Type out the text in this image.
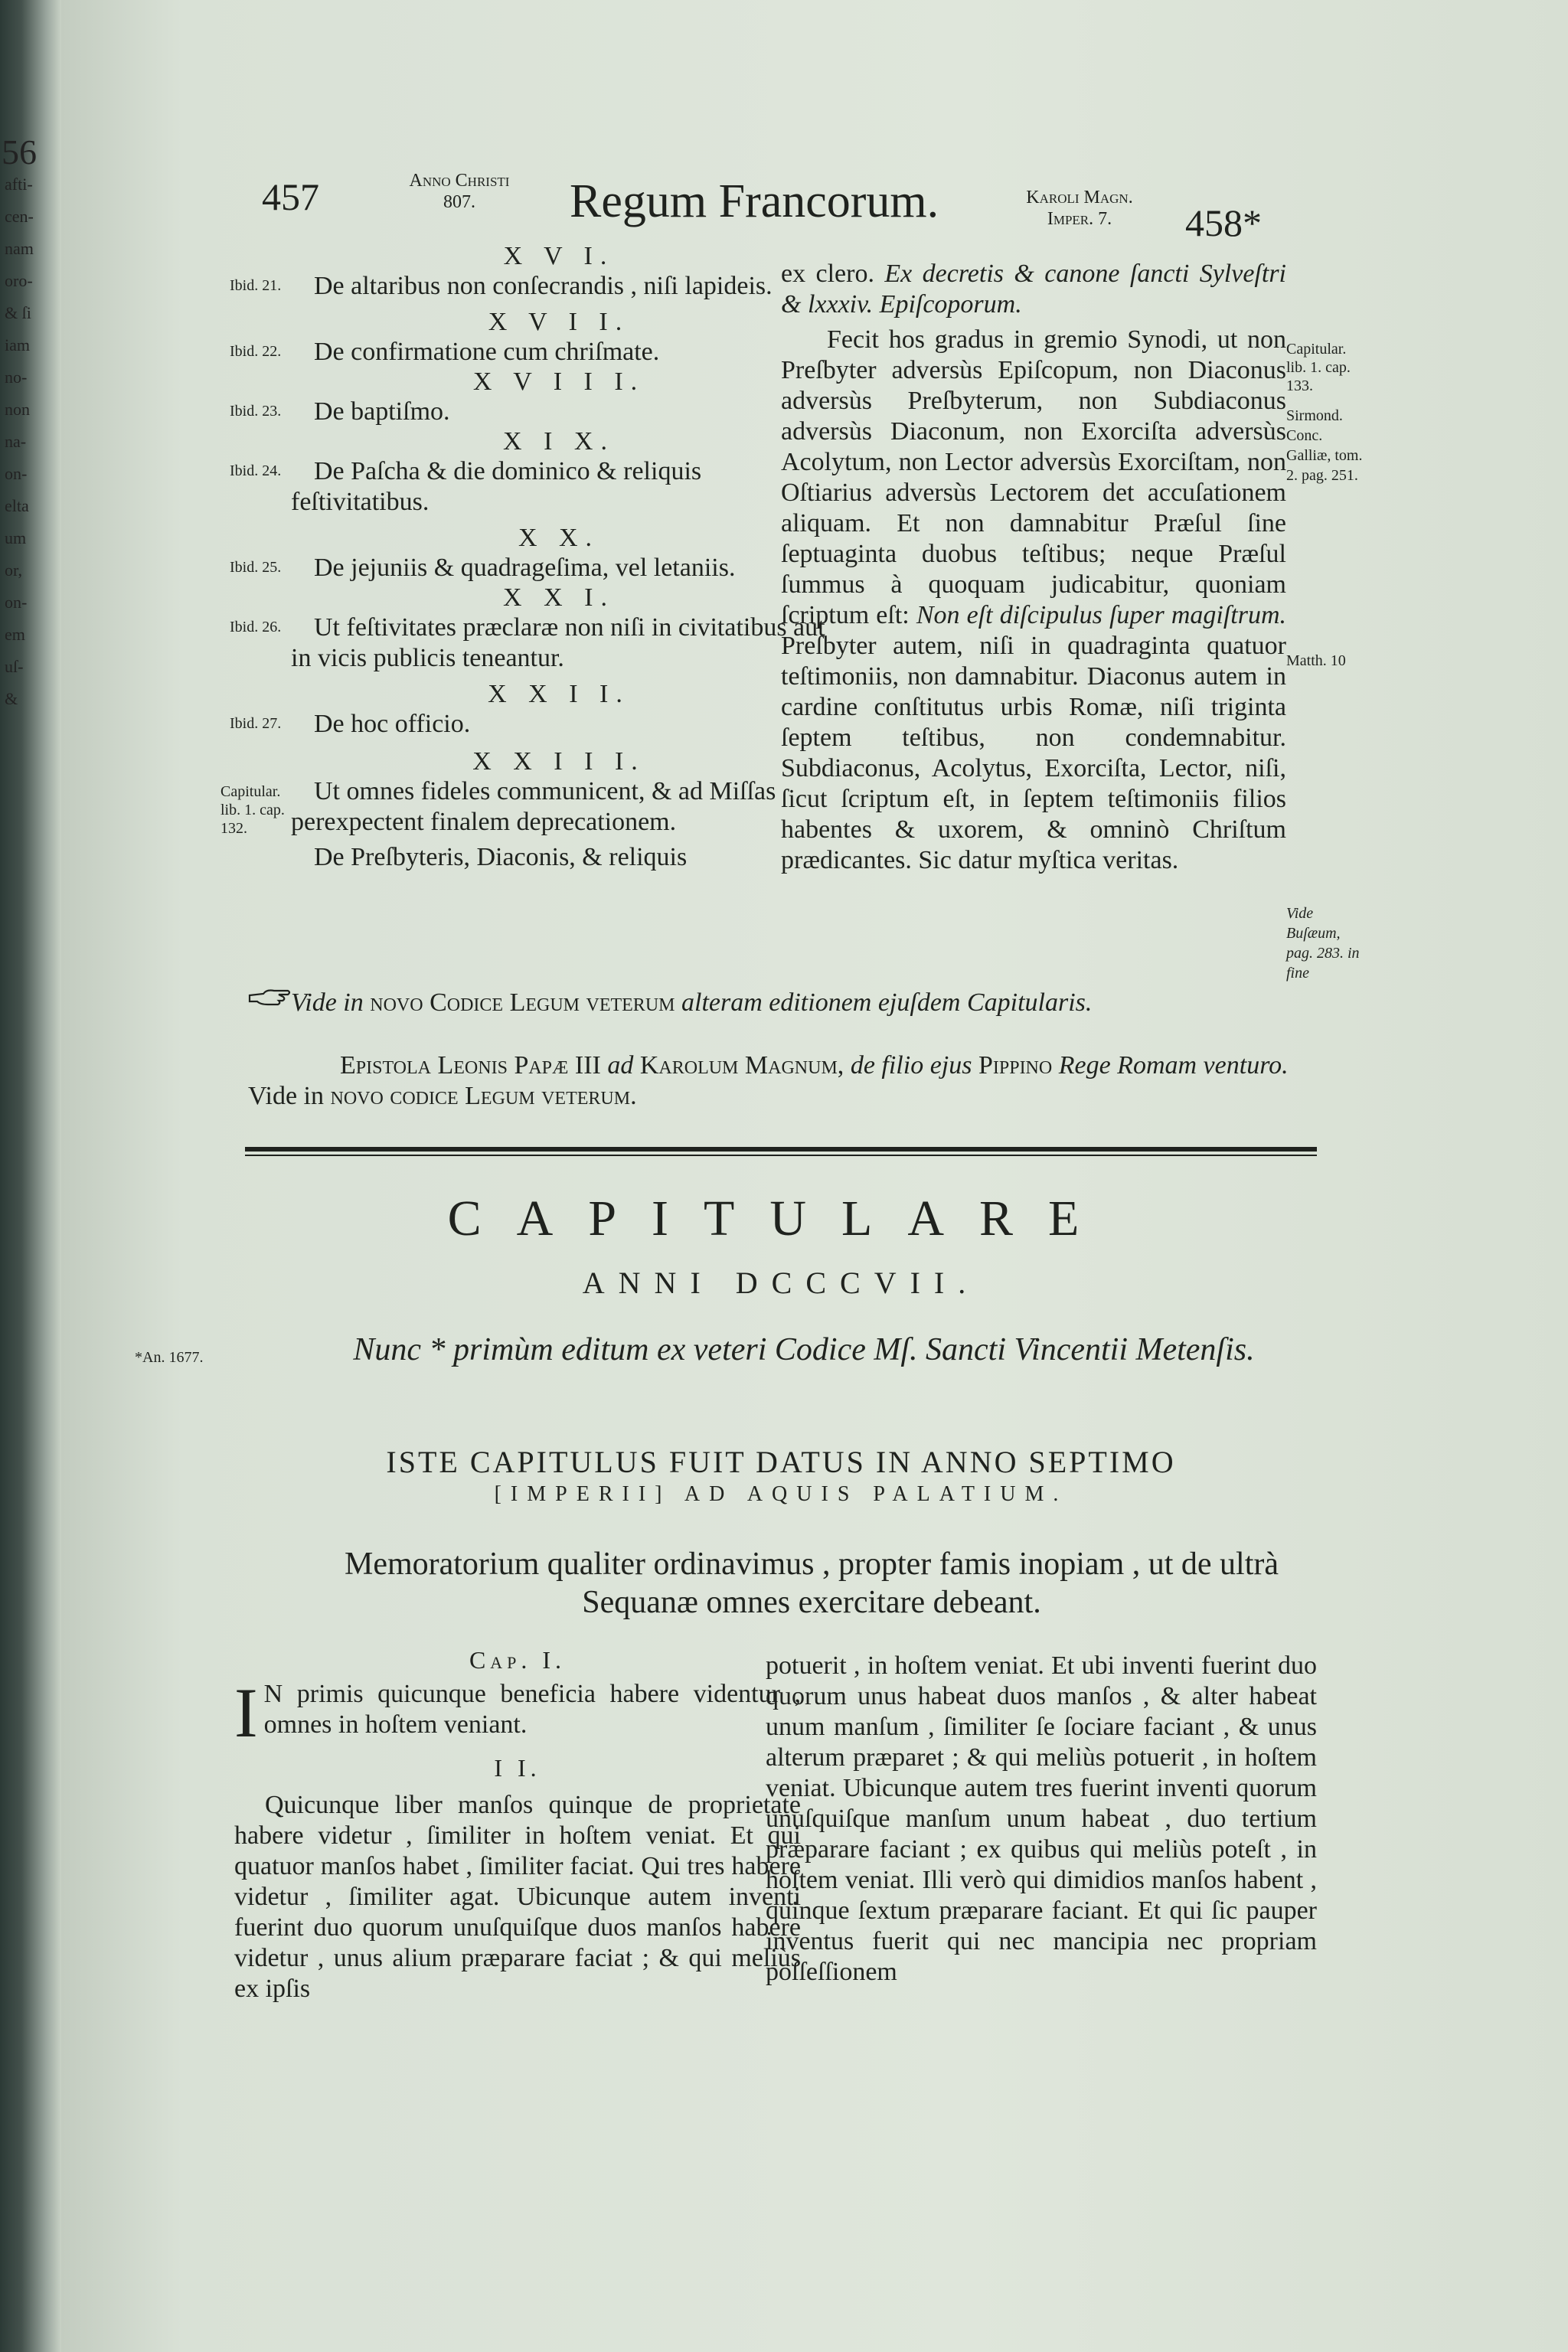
56
afti-
cen-
nam
oro-
& ſi
iam
no-
non
na-
on-
elta
um
or,
on-
em
uſ-
&
457	Anno Christi
807.	Regum Francorum.	Karoli Magn.
Imper. 7.	458*
X V I.
Ibid. 21.	De altaribus non conſecrandis , niſi lapideis.
X V I I.
Ibid. 22.	De confirmatione cum chriſmate.
X V I I I.
Ibid. 23.	De baptiſmo.
X I X.
Ibid. 24.	De Paſcha & die dominico & reliquis feſtivitatibus.
X X.
Ibid. 25.	De jejuniis & quadrageſima, vel letaniis.
X X I.
Ibid. 26.	Ut feſtivitates præclaræ non niſi in civitatibus aut in vicis publicis teneantur.
X X I I.
Ibid. 27.	De hoc officio.
X X I I I.
Capitular. lib. 1. cap. 132.
Ut omnes fideles communicent, & ad Miſſas perexpectent finalem deprecationem.
De Preſbyteris, Diaconis, & reliquis
ex clero. Ex decretis & canone ſancti Sylveſtri & lxxxiv. Epiſcoporum.
Fecit hos gradus in gremio Synodi, ut non Preſbyter adversùs Epiſcopum, non Diaconus adversùs Preſbyterum, non Subdiaconus adversùs Diaconum, non Exorciſta adversùs Acolytum, non Lector adversùs Exorciſtam, non Oſtiarius adversùs Lectorem det accuſationem aliquam. Et non damnabitur Præſul ſine ſeptuaginta duobus teſtibus; neque Præſul ſummus à quoquam judicabitur, quoniam ſcriptum eſt: Non eſt diſcipulus ſuper magiſtrum. Preſbyter autem, niſi in quadraginta quatuor teſtimoniis, non damnabitur. Diaconus autem in cardine conſtitutus urbis Romæ, niſi triginta ſeptem teſtibus, non condemnabitur. Subdiaconus, Acolytus, Exorciſta, Lector, niſi, ſicut ſcriptum eſt, in ſeptem teſtimoniis filios habentes & uxorem, & omninò Chriſtum prædicantes. Sic datur myſtica veritas.
Capitular. lib. 1. cap. 133.
Sirmond. Conc. Galliæ, tom. 2. pag. 251.
Matth. 10
Vide Buſæum, pag. 283. in fine
Vide in novo Codice Legum veterum alteram editionem ejuſdem Capitularis.
Epistola Leonis Papæ III ad Karolum Magnum, de filio ejus Pippino Rege Romam venturo. Vide in novo codice Legum veterum.
CAPITULARE
ANNI DCCCVII.
*An. 1677.	Nunc * primùm editum ex veteri Codice Mſ. Sancti Vincentii Metenſis.
ISTE CAPITULUS FUIT DATUS IN ANNO SEPTIMO
[IMPERII] AD AQUIS PALATIUM.
Memoratorium qualiter ordinavimus , propter famis inopiam , ut de ultrà Sequanæ omnes exercitare debeant.
Cap. I.
I N primis quicunque beneficia habere videntur , omnes in hoſtem veniant.
I I.
Quicunque liber manſos quinque de proprietate habere videtur , ſimiliter in hoſtem veniat. Et qui quatuor manſos habet , ſimiliter faciat. Qui tres habere videtur , ſimiliter agat. Ubicunque autem inventi fuerint duo quorum unuſquiſque duos manſos habere videtur , unus alium præparare faciat ; & qui meliùs ex ipſis
potuerit , in hoſtem veniat. Et ubi inventi fuerint duo quorum unus habeat duos manſos , & alter habeat unum manſum , ſimiliter ſe ſociare faciant , & unus alterum præparet ; & qui meliùs potuerit , in hoſtem veniat. Ubicunque autem tres fuerint inventi quorum unuſquiſque manſum unum habeat , duo tertium præparare faciant ; ex quibus qui meliùs poteſt , in hoſtem veniat. Illi verò qui dimidios manſos habent , quinque ſextum præparare faciant. Et qui ſic pauper inventus fuerit qui nec mancipia nec propriam poſſeſſionem
